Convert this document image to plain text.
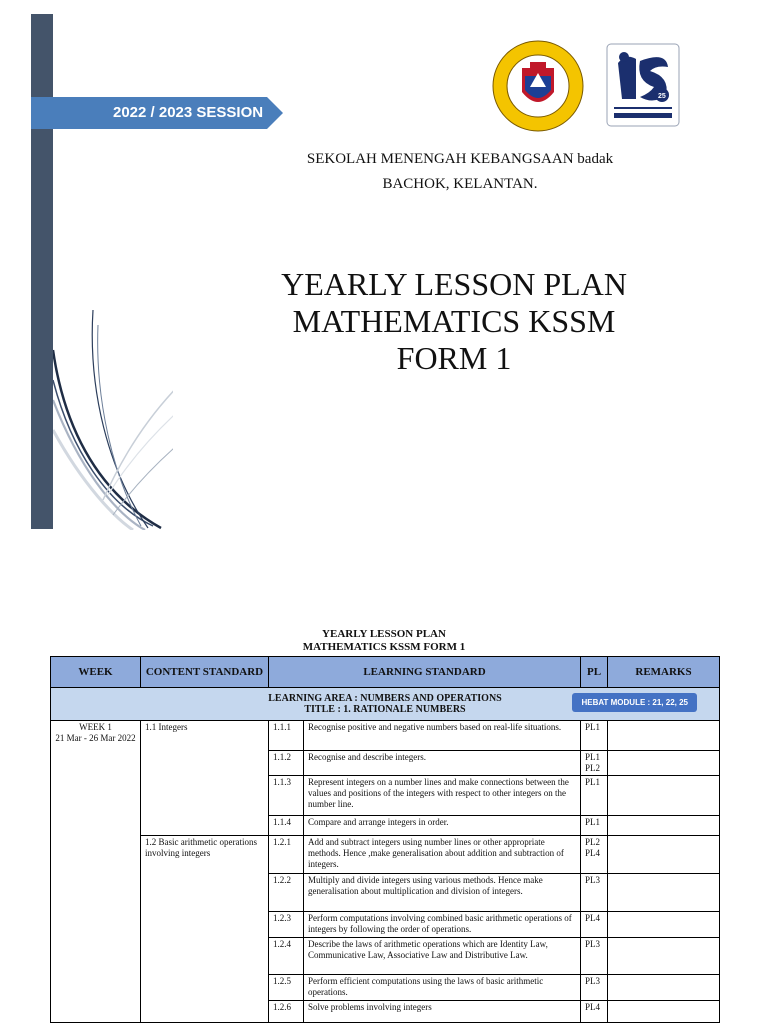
2022 / 2023 SESSION
25
SEKOLAH MENENGAH KEBANGSAAN badak
BACHOK, KELANTAN.
YEARLY LESSON PLAN
MATHEMATICS KSSM
FORM 1
YEARLY LESSON PLAN
MATHEMATICS KSSM FORM 1
WEEK	CONTENT STANDARD	LEARNING STANDARD		PL	REMARKS

LEARNING AREA : NUMBERS AND OPERATIONS
TITLE : 1. RATIONALE NUMBERS
HEBAT MODULE : 21, 22, 25					

WEEK 1
21 Mar - 26 Mar 2022	1.1 Integers	1.1.1	Recognise positive and negative numbers based on real-life situations.	PL1	
		1.1.2	Recognise and describe integers.	PL1
PL2	
		1.1.3	Represent integers on a number lines and make connections between the values and positions of the integers with respect to other integers on the number line.	PL1	
		1.1.4	Compare and arrange integers in order.	PL1	
	1.2 Basic arithmetic operations involving integers	1.2.1	Add and subtract integers using number lines or other appropriate methods. Hence ,make generalisation about addition and subtraction of integers.	PL2
PL4	
		1.2.2	Multiply and divide integers using various methods. Hence make generalisation about multiplication and division of integers.	PL3	
		1.2.3	Perform computations involving combined basic arithmetic operations of integers by following the order of operations.	PL4	
		1.2.4	Describe the laws of arithmetic operations which are Identity Law, Communicative Law, Associative Law and Distributive Law.	PL3	
		1.2.5	Perform efficient computations using the laws of basic arithmetic operations.	PL3	
		1.2.6	Solve problems involving integers	PL4	
